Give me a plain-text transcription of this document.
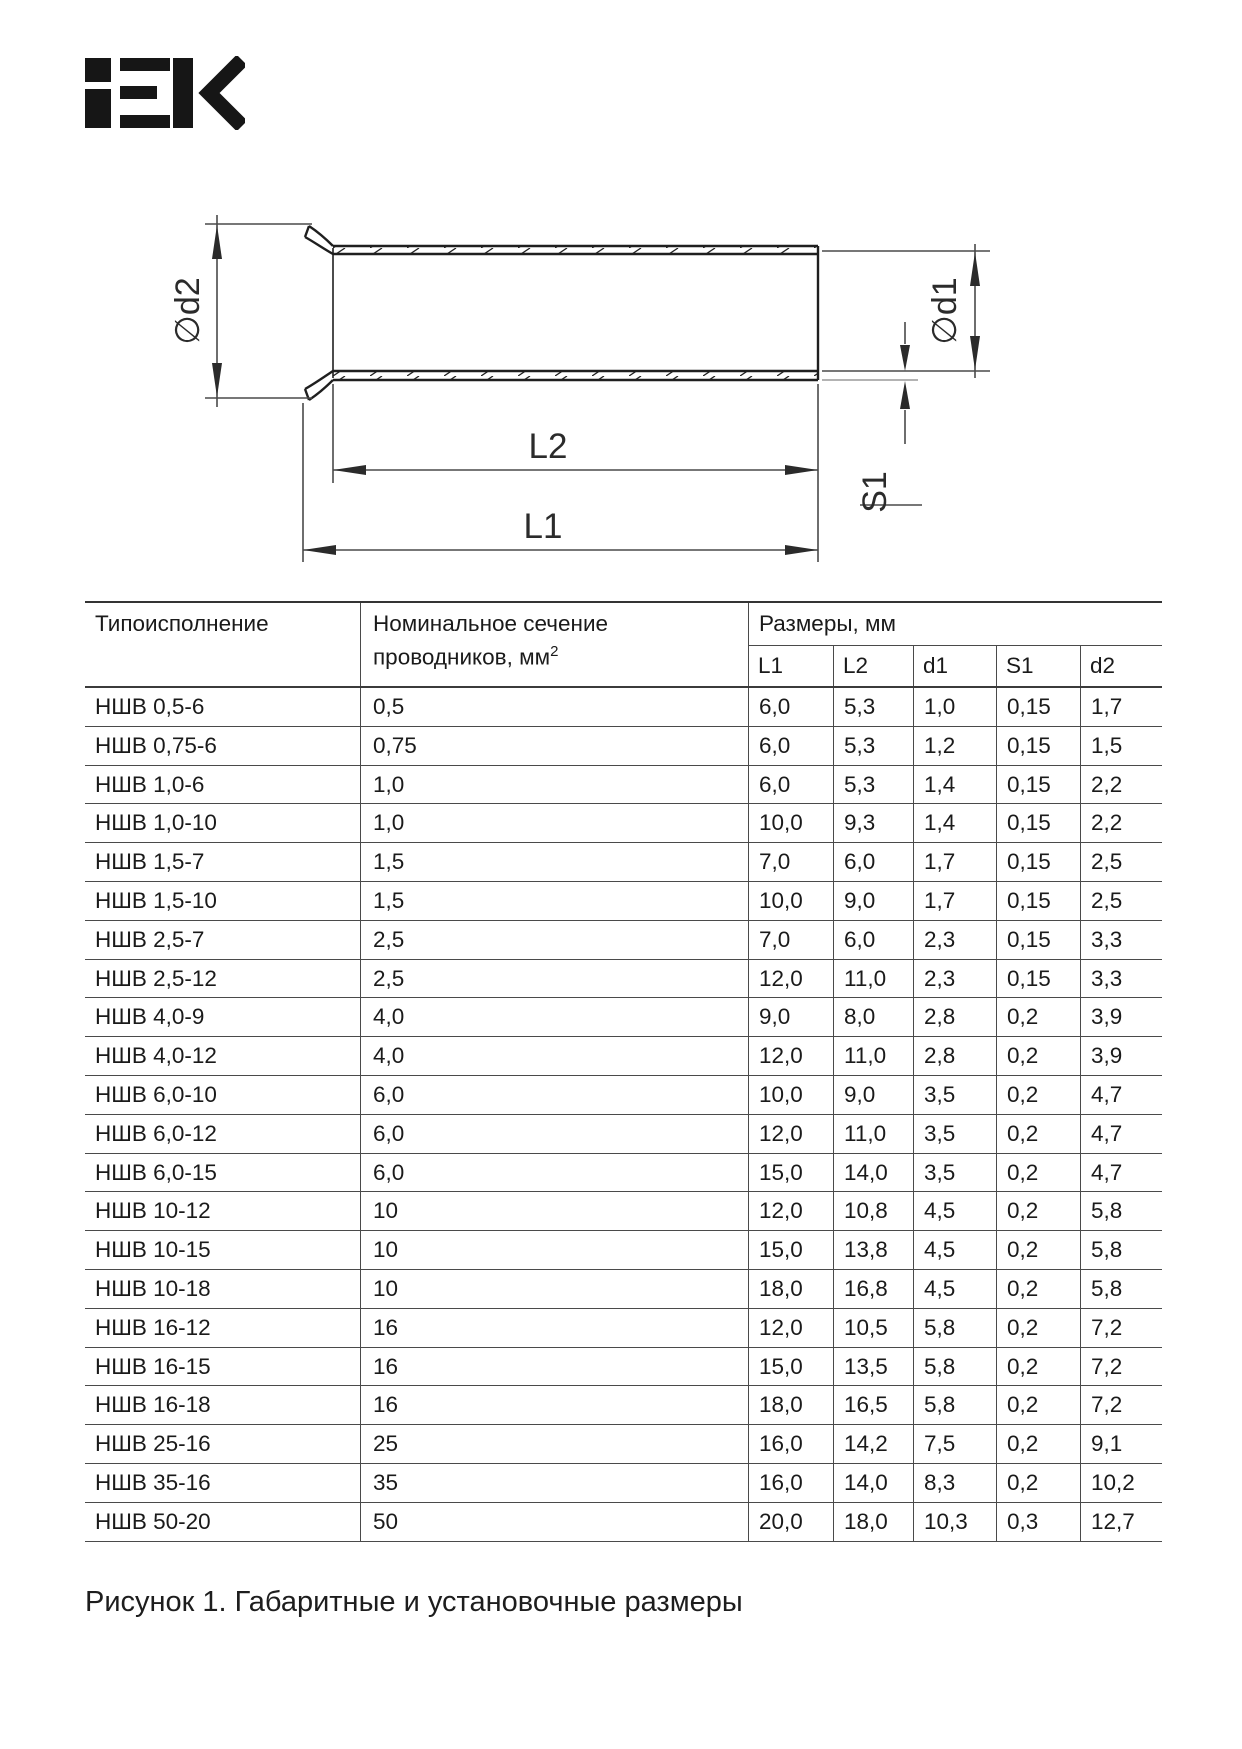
∅d2	∅d1
S1
L2
L1
Типоисполнение	Номинальное сечение
проводников, $мм^2$
Размеры, мм
L1	L2	d1	S1	d2
НШВ 0,5-6	0,5	6,0	5,3	1,0	0,15	1,7
НШВ 0,75-6	0,75	6,0	5,3	1,2	0,15	1,5
НШВ 1,0-6	1,0	6,0	5,3	1,4	0,15	2,2
НШВ 1,0-10	1,0	10,0	9,3	1,4	0,15	2,2
НШВ 1,5-7	1,5	7,0	6,0	1,7	0,15	2,5
НШВ 1,5-10	1,5	10,0	9,0	1,7	0,15	2,5
НШВ 2,5-7	2,5	7,0	6,0	2,3	0,15	3,3
НШВ 2,5-12	2,5	12,0	11,0	2,3	0,15	3,3
НШВ 4,0-9	4,0	9,0	8,0	2,8	0,2	3,9
НШВ 4,0-12	4,0	12,0	11,0	2,8	0,2	3,9
НШВ 6,0-10	6,0	10,0	9,0	3,5	0,2	4,7
НШВ 6,0-12	6,0	12,0	11,0	3,5	0,2	4,7
НШВ 6,0-15	6,0	15,0	14,0	3,5	0,2	4,7
НШВ 10-12	10	12,0	10,8	4,5	0,2	5,8
НШВ 10-15	10	15,0	13,8	4,5	0,2	5,8
НШВ 10-18	10	18,0	16,8	4,5	0,2	5,8
НШВ 16-12	16	12,0	10,5	5,8	0,2	7,2
НШВ 16-15	16	15,0	13,5	5,8	0,2	7,2
НШВ 16-18	16	18,0	16,5	5,8	0,2	7,2
НШВ 25-16	25	16,0	14,2	7,5	0,2	9,1
НШВ 35-16	35	16,0	14,0	8,3	0,2	10,2
НШВ 50-20	50	20,0	18,0	10,3	0,3	12,7
Рисунок 1. Габаритные и установочные размеры
